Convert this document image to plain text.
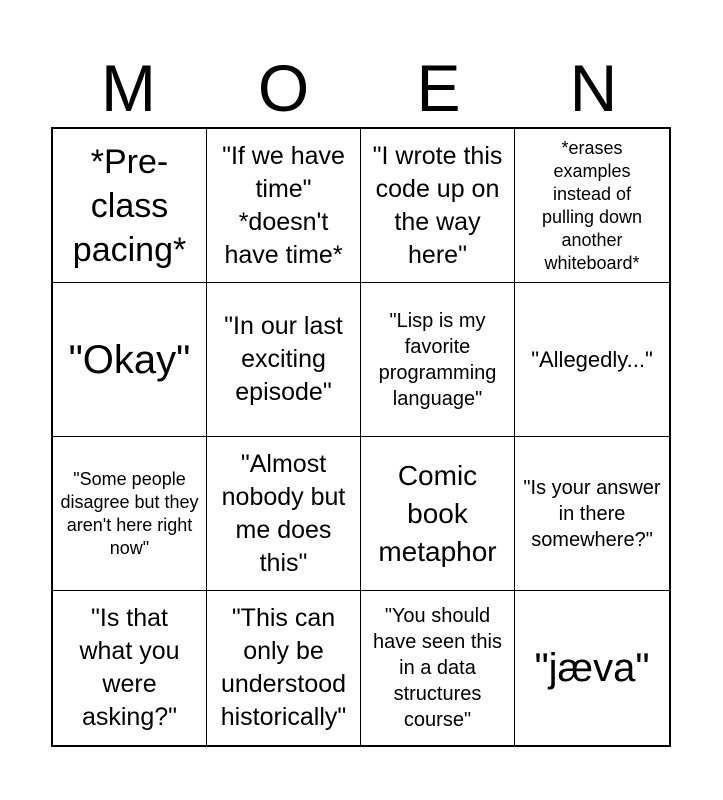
M	O	E	N
*Pre-class pacing*
"If we have time" *doesn't have time*
"I wrote this code up on the way here"
*erases examples instead of pulling down another whiteboard*
"Okay"
"In our last exciting episode"
"Lisp is my favorite programming language"
"Allegedly..."
"Some people disagree but they aren't here right now"
"Almost nobody but me does this"
Comic book metaphor
"Is your answer in there somewhere?"
"Is that what you were asking?"
"This can only be understood historically"
"You should have seen this in a data structures course"
"jæva"
